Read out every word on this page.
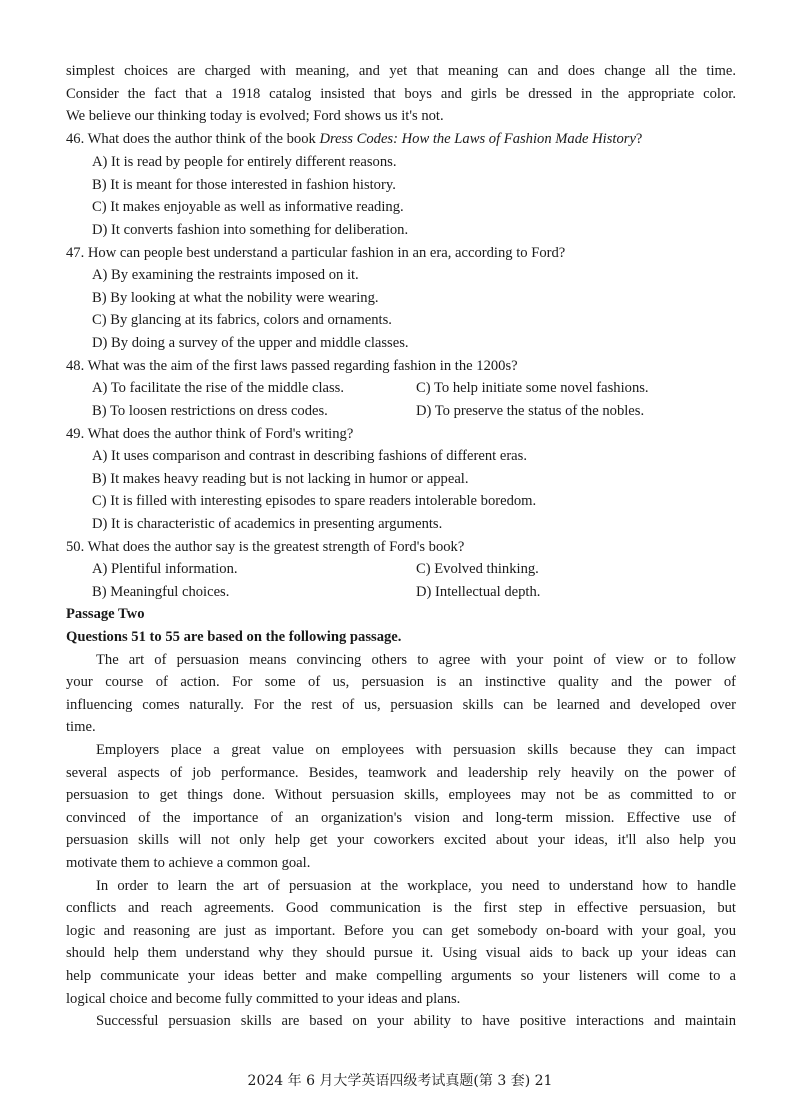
simplest choices are charged with meaning, and yet that meaning can and does change all the time.
Consider the fact that a 1918 catalog insisted that boys and girls be dressed in the appropriate color.
We believe our thinking today is evolved; Ford shows us it's not.
46. What does the author think of the book Dress Codes: How the Laws of Fashion Made History?
A) It is read by people for entirely different reasons.
B) It is meant for those interested in fashion history.
C) It makes enjoyable as well as informative reading.
D) It converts fashion into something for deliberation.
47. How can people best understand a particular fashion in an era, according to Ford?
A) By examining the restraints imposed on it.
B) By looking at what the nobility were wearing.
C) By glancing at its fabrics, colors and ornaments.
D) By doing a survey of the upper and middle classes.
48. What was the aim of the first laws passed regarding fashion in the 1200s?
A) To facilitate the rise of the middle class.	C) To help initiate some novel fashions.
B) To loosen restrictions on dress codes.	D) To preserve the status of the nobles.
49. What does the author think of Ford's writing?
A) It uses comparison and contrast in describing fashions of different eras.
B) It makes heavy reading but is not lacking in humor or appeal.
C) It is filled with interesting episodes to spare readers intolerable boredom.
D) It is characteristic of academics in presenting arguments.
50. What does the author say is the greatest strength of Ford's book?
A) Plentiful information.	C) Evolved thinking.
B) Meaningful choices.	D) Intellectual depth.
Passage Two
Questions 51 to 55 are based on the following passage.
The art of persuasion means convincing others to agree with your point of view or to follow
your course of action. For some of us, persuasion is an instinctive quality and the power of
influencing comes naturally. For the rest of us, persuasion skills can be learned and developed over
time.
Employers place a great value on employees with persuasion skills because they can impact
several aspects of job performance. Besides, teamwork and leadership rely heavily on the power of
persuasion to get things done. Without persuasion skills, employees may not be as committed to or
convinced of the importance of an organization's vision and long-term mission. Effective use of
persuasion skills will not only help get your coworkers excited about your ideas, it'll also help you
motivate them to achieve a common goal.
In order to learn the art of persuasion at the workplace, you need to understand how to handle
conflicts and reach agreements. Good communication is the first step in effective persuasion, but
logic and reasoning are just as important. Before you can get somebody on-board with your goal, you
should help them understand why they should pursue it. Using visual aids to back up your ideas can
help communicate your ideas better and make compelling arguments so your listeners will come to a
logical choice and become fully committed to your ideas and plans.
Successful persuasion skills are based on your ability to have positive interactions and maintain
2024 年 6 月大学英语四级考试真题(第 3 套) 21
